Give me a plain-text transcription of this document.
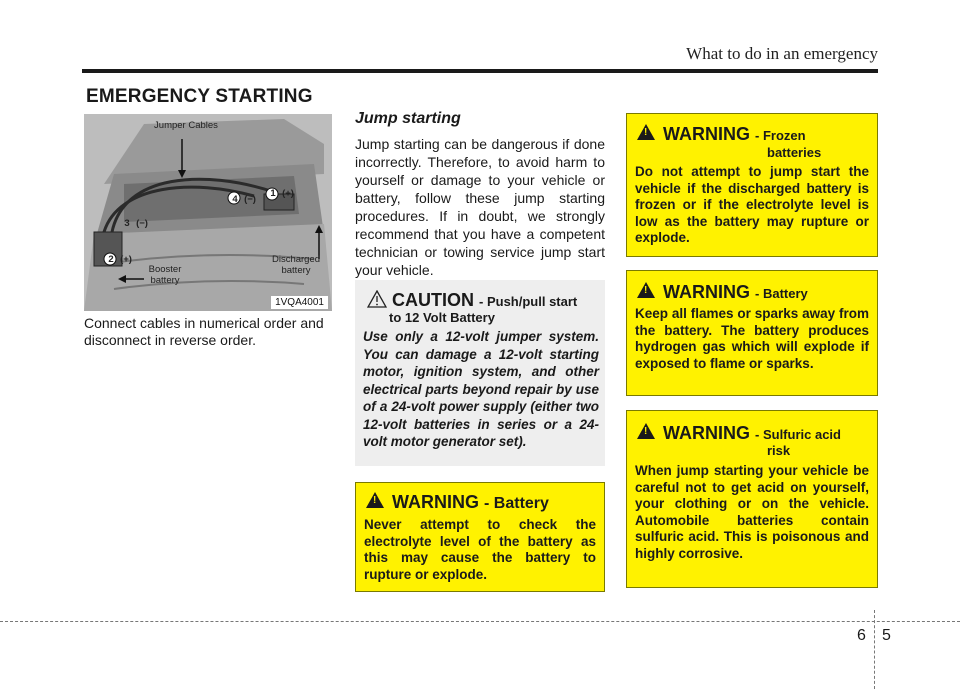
What to do in an emergency
EMERGENCY STARTING
Jumper Cables
Booster battery
Discharged battery
1 (+)
2 (+)
3 (−)
4 (−)
1VQA4001
Connect cables in numerical order and disconnect in reverse order.
Jump starting
Jump starting can be dangerous if done incorrectly. Therefore, to avoid harm to yourself or damage to your vehicle or battery, follow these jump starting procedures. If in doubt, we strongly recommend that you have a competent technician or towing service jump start your vehicle.
CAUTION - Push/pull start
to 12 Volt Battery
Use only a 12-volt jumper system. You can damage a 12-volt starting motor, ignition system, and other electrical parts beyond repair by use of a 24-volt power supply (either two 12-volt batteries in series or a 24-volt motor generator set).
!
WARNING - Battery
Never attempt to check the electrolyte level of the battery as this may cause the battery to rupture or explode.
!
WARNING - Frozen
batteries
Do not attempt to jump start the vehicle if the discharged battery is frozen or if the electrolyte level is low as the battery may rupture or explode.
!
WARNING - Battery
Keep all flames or sparks away from the battery. The battery produces hydrogen gas which will explode if exposed to flame or sparks.
!
WARNING - Sulfuric acid
risk
When jump starting your vehicle be careful not to get acid on yourself, your clothing or on the vehicle. Automobile batteries contain sulfuric acid. This is poisonous and highly corrosive.
6 5
